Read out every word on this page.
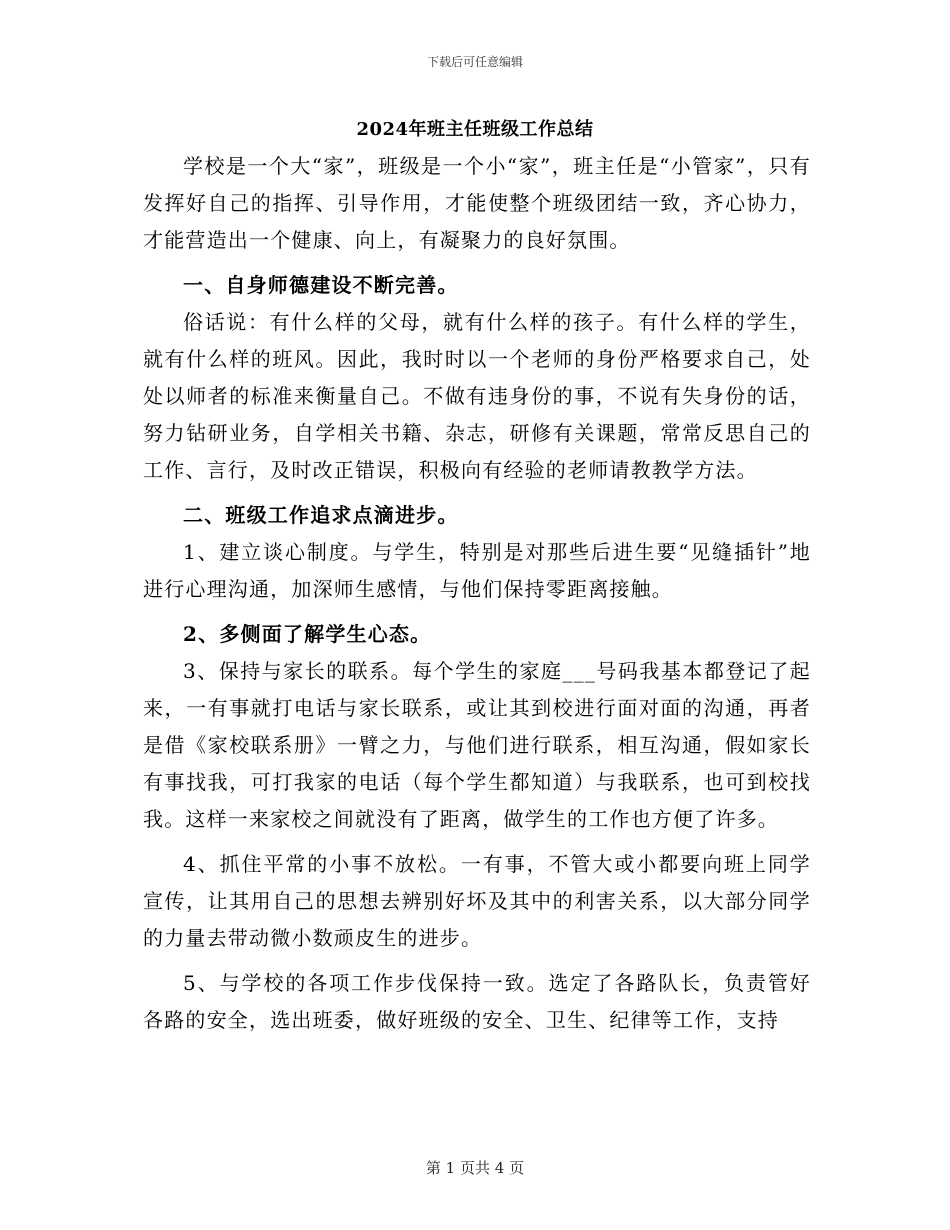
下载后可任意编辑
2024年班主任班级工作总结

学校是一个大“家”，班级是一个小“家”，班主任是“小管家”，只有发挥好自己的指挥、引导作用，才能使整个班级团结一致，齐心协力，才能营造出一个健康、向上，有凝聚力的良好氛围。

一、自身师德建设不断完善。

俗话说：有什么样的父母，就有什么样的孩子。有什么样的学生，就有什么样的班风。因此，我时时以一个老师的身份严格要求自己，处处以师者的标准来衡量自己。不做有违身份的事，不说有失身份的话，努力钻研业务，自学相关书籍、杂志，研修有关课题，常常反思自己的工作、言行，及时改正错误，积极向有经验的老师请教教学方法。

二、班级工作追求点滴进步。

1、建立谈心制度。与学生，特别是对那些后进生要“见缝插针”地进行心理沟通，加深师生感情，与他们保持零距离接触。

2、多侧面了解学生心态。

3、保持与家长的联系。每个学生的家庭___号码我基本都登记了起来，一有事就打电话与家长联系，或让其到校进行面对面的沟通，再者是借《家校联系册》一臂之力，与他们进行联系，相互沟通，假如家长有事找我，可打我家的电话（每个学生都知道）与我联系，也可到校找我。这样一来家校之间就没有了距离，做学生的工作也方便了许多。

4、抓住平常的小事不放松。一有事，不管大或小都要向班上同学宣传，让其用自己的思想去辨别好坏及其中的利害关系，以大部分同学的力量去带动微小数顽皮生的进步。

5、与学校的各项工作步伐保持一致。选定了各路队长，负责管好各路的安全，选出班委，做好班级的安全、卫生、纪律等工作，支持

第 1 页共 4 页
